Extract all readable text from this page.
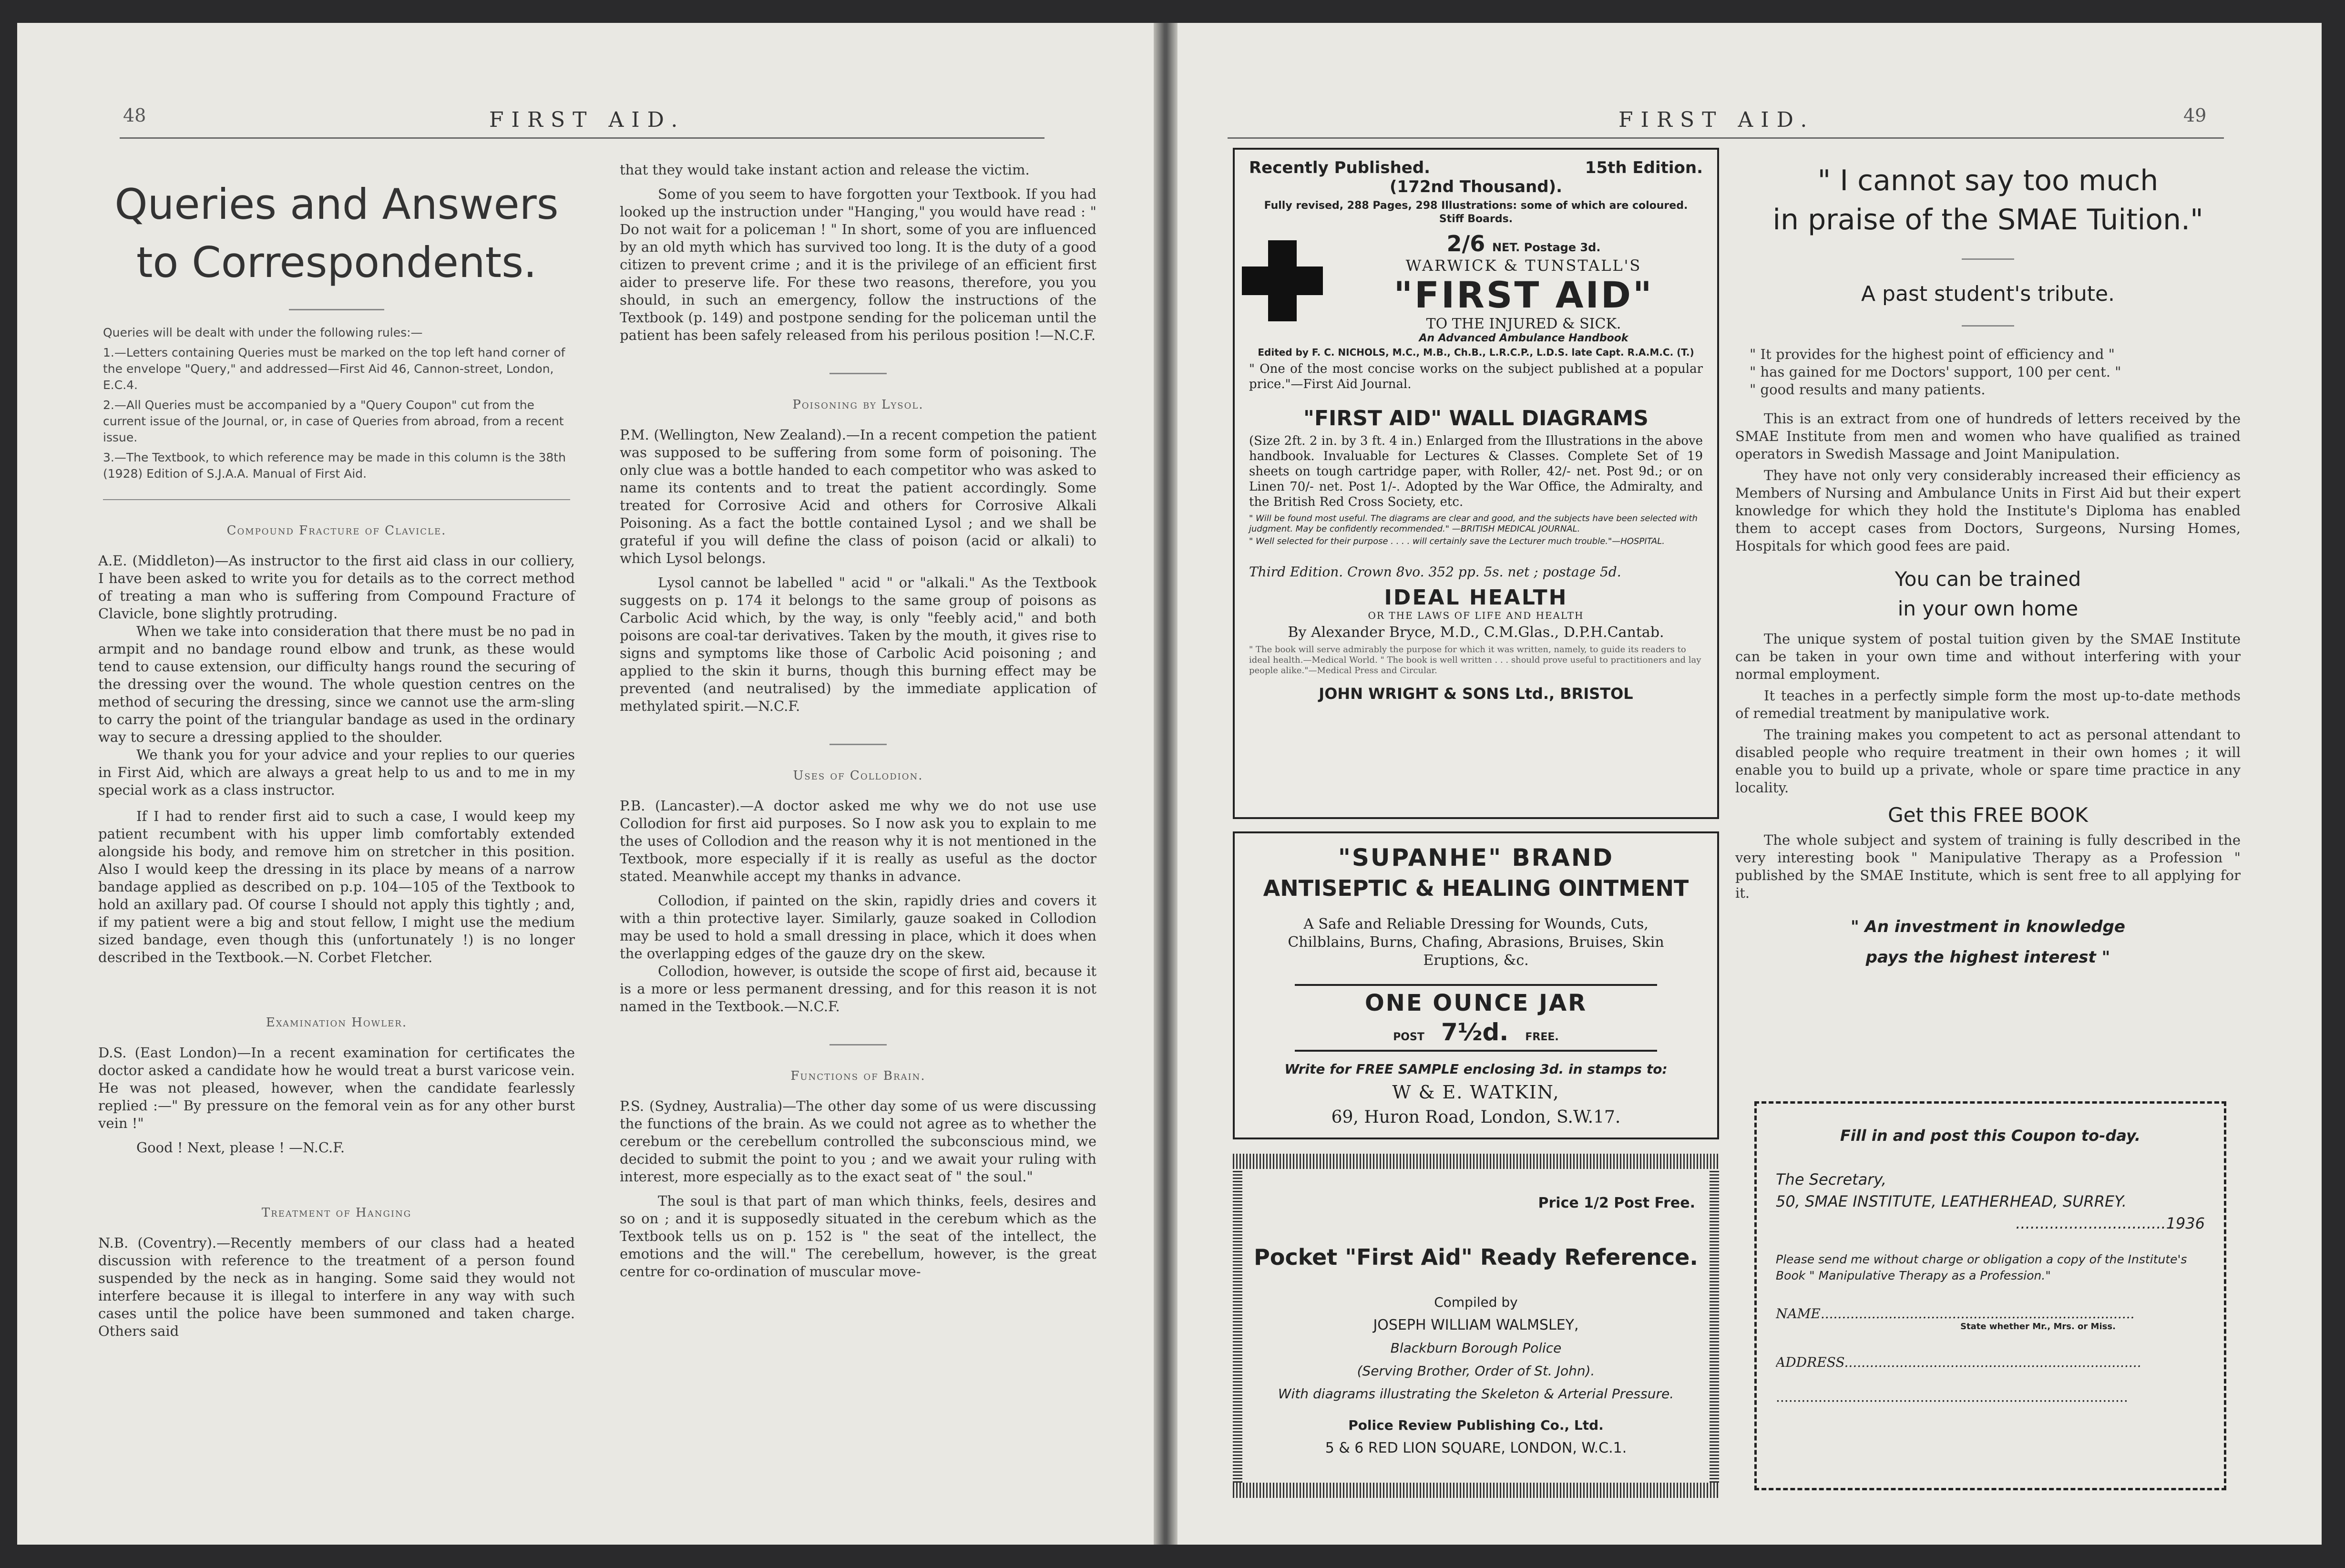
48	FIRST AID.
Queries and Answers
to Correspondents.

Queries will be dealt with under the following rules:—

1.—Letters containing Queries must be marked on the top left hand corner of the envelope "Query," and addressed—First Aid 46, Cannon-street, London, E.C.4.

2.—All Queries must be accompanied by a "Query Coupon" cut from the current issue of the Journal, or, in case of Queries from abroad, from a recent issue.

3.—The Textbook, to which reference may be made in this column is the 38th (1928) Edition of S.J.A.A. Manual of First Aid.

Compound Fracture of Clavicle.

A.E. (Middleton)—As instructor to the first aid class in our colliery, I have been asked to write you for details as to the correct method of treating a man who is suffering from Compound Fracture of Clavicle, bone slightly protruding.

When we take into consideration that there must be no pad in armpit and no bandage round elbow and trunk, as these would tend to cause extension, our difficulty hangs round the securing of the dressing over the wound. The whole question centres on the method of securing the dressing, since we cannot use the arm-sling to carry the point of the triangular bandage as used in the ordinary way to secure a dressing applied to the shoulder.

We thank you for your advice and your replies to our queries in First Aid, which are always a great help to us and to me in my special work as a class instructor.

If I had to render first aid to such a case, I would keep my patient recumbent with his upper limb comfortably extended alongside his body, and remove him on stretcher in this position. Also I would keep the dressing in its place by means of a narrow bandage applied as described on p.p. 104—105 of the Textbook to hold an axillary pad. Of course I should not apply this tightly ; and, if my patient were a big and stout fellow, I might use the medium sized bandage, even though this (unfortunately !) is no longer described in the Textbook.—N. Corbet Fletcher.

Examination Howler.

D.S. (East London)—In a recent examination for certificates the doctor asked a candidate how he would treat a burst varicose vein. He was not pleased, however, when the candidate fearlessly replied :—" By pressure on the femoral vein as for any other burst vein !"

Good ! Next, please ! —N.C.F.

Treatment of Hanging

N.B. (Coventry).—Recently members of our class had a heated discussion with reference to the treatment of a person found suspended by the neck as in hanging. Some said they would not interfere because it is illegal to interfere in any way with such cases until the police have been summoned and taken charge. Others said

that they would take instant action and release the victim.

Some of you seem to have forgotten your Textbook. If you had looked up the instruction under "Hanging," you would have read : " Do not wait for a policeman ! " In short, some of you are influenced by an old myth which has survived too long. It is the duty of a good citizen to prevent crime ; and it is the privilege of an efficient first aider to preserve life. For these two reasons, therefore, you you should, in such an emergency, follow the instructions of the Textbook (p. 149) and postpone sending for the policeman until the patient has been safely released from his perilous position !—N.C.F.

Poisoning by Lysol.

P.M. (Wellington, New Zealand).—In a recent competion the patient was supposed to be suffering from some form of poisoning. The only clue was a bottle handed to each competitor who was asked to name its contents and to treat the patient accordingly. Some treated for Corrosive Acid and others for Corrosive Alkali Poisoning. As a fact the bottle contained Lysol ; and we shall be grateful if you will define the class of poison (acid or alkali) to which Lysol belongs.

Lysol cannot be labelled " acid " or "alkali." As the Textbook suggests on p. 174 it belongs to the same group of poisons as Carbolic Acid which, by the way, is only "feebly acid," and both poisons are coal-tar derivatives. Taken by the mouth, it gives rise to signs and symptoms like those of Carbolic Acid poisoning ; and applied to the skin it burns, though this burning effect may be prevented (and neutralised) by the immediate application of methylated spirit.—N.C.F.

Uses of Collodion.

P.B. (Lancaster).—A doctor asked me why we do not use use Collodion for first aid purposes. So I now ask you to explain to me the uses of Collodion and the reason why it is not mentioned in the Textbook, more especially if it is really as useful as the doctor stated. Meanwhile accept my thanks in advance.

Collodion, if painted on the skin, rapidly dries and covers it with a thin protective layer. Similarly, gauze soaked in Collodion may be used to hold a small dressing in place, which it does when the overlapping edges of the gauze dry on the skew.

Collodion, however, is outside the scope of first aid, because it is a more or less permanent dressing, and for this reason it is not named in the Textbook.—N.C.F.

Functions of Brain.

P.S. (Sydney, Australia)—The other day some of us were discussing the functions of the brain. As we could not agree as to whether the cerebum or the cerebellum controlled the subconscious mind, we decided to submit the point to you ; and we await your ruling with interest, more especially as to the exact seat of " the soul."

The soul is that part of man which thinks, feels, desires and so on ; and it is supposedly situated in the cerebum which as the Textbook tells us on p. 152 is " the seat of the intellect, the emotions and the will." The cerebellum, however, is the great centre for co-ordination of muscular move-

FIRST AID.	49
Recently Published.	15th Edition.
(172nd Thousand).
Fully revised, 288 Pages, 298 Illustrations: some of which are coloured. Stiff Boards.
2/6 NET. Postage 3d.
WARWICK & TUNSTALL'S
"FIRST AID"
TO THE INJURED & SICK.
An Advanced Ambulance Handbook
Edited by F. C. NICHOLS, M.C., M.B., Ch.B., L.R.C.P., L.D.S. late Capt. R.A.M.C. (T.)
" One of the most concise works on the subject published at a popular price."—First Aid Journal.
"FIRST AID" WALL DIAGRAMS
(Size 2ft. 2 in. by 3 ft. 4 in.) Enlarged from the Illustrations in the above handbook. Invaluable for Lectures & Classes. Complete Set of 19 sheets on tough cartridge paper, with Roller, 42/- net. Post 9d.; or on Linen 70/- net. Post 1/-. Adopted by the War Office, the Admiralty, and the British Red Cross Society, etc.
" Will be found most useful. The diagrams are clear and good, and the subjects have been selected with judgment. May be confidently recommended." —BRITISH MEDICAL JOURNAL.
" Well selected for their purpose . . . . will certainly save the Lecturer much trouble."—HOSPITAL.
Third Edition. Crown 8vo. 352 pp. 5s. net ; postage 5d.
IDEAL HEALTH
OR THE LAWS OF LIFE AND HEALTH
By Alexander Bryce, M.D., C.M.Glas., D.P.H.Cantab.
" The book will serve admirably the purpose for which it was written, namely, to guide its readers to ideal health.—Medical World. " The book is well written . . . should prove useful to practitioners and lay people alike."—Medical Press and Circular.
JOHN WRIGHT & SONS Ltd., BRISTOL
"SUPANHE" BRAND
ANTISEPTIC & HEALING OINTMENT
A Safe and Reliable Dressing for Wounds, Cuts, Chilblains, Burns, Chafing, Abrasions, Bruises, Skin Eruptions, &c.
ONE OUNCE JAR
POST 7½d. FREE.
Write for FREE SAMPLE enclosing 3d. in stamps to:
W & E. WATKIN,
69, Huron Road, London, S.W.17.
Price 1/2 Post Free.
Pocket "First Aid" Ready Reference.
Compiled by
JOSEPH WILLIAM WALMSLEY,
Blackburn Borough Police
(Serving Brother, Order of St. John).
With diagrams illustrating the Skeleton & Arterial Pressure.
Police Review Publishing Co., Ltd.
5 & 6 RED LION SQUARE, LONDON, W.C.1.
" I cannot say too much
in praise of the SMAE Tuition."
A past student's tribute.

" It provides for the highest point of efficiency and "

" has gained for me Doctors' support, 100 per cent. "

" good results and many patients.

This is an extract from one of hundreds of letters received by the SMAE Institute from men and women who have qualified as trained operators in Swedish Massage and Joint Manipulation.

They have not only very considerably increased their efficiency as Members of Nursing and Ambulance Units in First Aid but their expert knowledge for which they hold the Institute's Diploma has enabled them to accept cases from Doctors, Surgeons, Nursing Homes, Hospitals for which good fees are paid.

You can be trained
in your own home

The unique system of postal tuition given by the SMAE Institute can be taken in your own time and without interfering with your normal employment.

It teaches in a perfectly simple form the most up-to-date methods of remedial treatment by manipulative work.

The training makes you competent to act as personal attendant to disabled people who require treatment in their own homes ; it will enable you to build up a private, whole or spare time practice in any locality.

Get this FREE BOOK

The whole subject and system of training is fully described in the very interesting book " Manipulative Therapy as a Profession " published by the SMAE Institute, which is sent free to all applying for it.

" An investment in knowledge
pays the highest interest "
Fill in and post this Coupon to-day.
The Secretary,
50, SMAE INSTITUTE, LEATHERHEAD, SURREY.
...............................1936
Please send me without charge or obligation a copy of the Institute's Book " Manipulative Therapy as a Profession."
NAME..........................................................................
State whether Mr., Mrs. or Miss.
ADDRESS......................................................................
...................................................................................
